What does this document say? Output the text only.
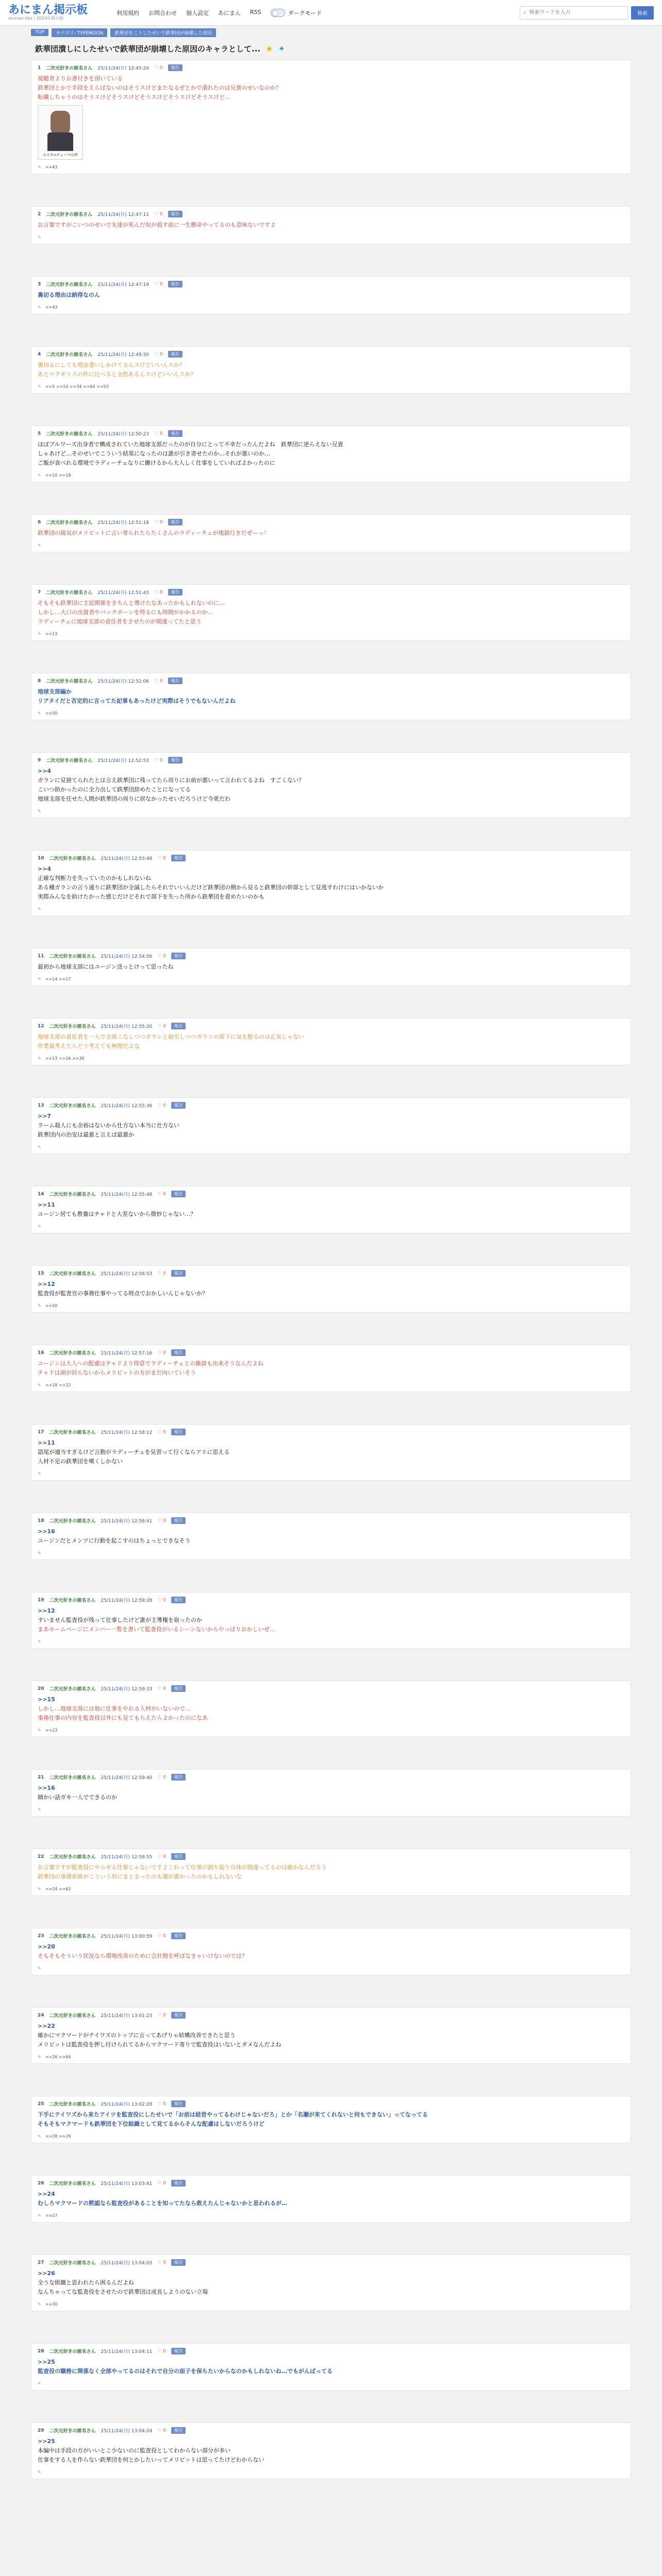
あにまん掲示板
animan bbs | 2024年掲示板
利用規約 お問合わせ 個人設定 あにまん RSS	ダークモード	⌕
検索ワードを入力	検索
TOP	カテゴリ: TYPEMOON	鉄華団をこうしたせいで鉄華団が崩壊した原因
鉄華団潰しにしたせいで鉄華団が崩壊した原因のキャラとして... ★ ✦
1 二次元好きの匿名さん 25/11/24(月) 12:45:24 ♡ 0	報告
視聴者よりお書付きを頂いている
鉄華団とかで手段をえらばないのはそうスけどまたなるぜとかで潰れたのは兄貴のせいなのか？
転職しちゃうのはそうスけどそうスけどそうスけどそうスけどそうスけど…
ラスタ=チェーマの件
✎ >>43
2 二次元好きの匿名さん 25/11/24(月) 12:47:11 ♡ 0	報告
お言葉ですがこいつのせいで友達が死んだ奴が殺す前に一生懸命やってるのも意味ないですよ
✎
3 二次元好きの匿名さん 25/11/24(月) 12:47:19 ♡ 0	報告
裏切る理由は納得なのん
✎ >>43
4 二次元好きの匿名さん 25/11/24(月) 12:49:30 ♡ 0	報告
裏切るにしても理由書いしかけてるんスけどいいんスか？
あとマクギリスの件に比べると全然あるんスけどいいんスか？
✎ >>5 >>10 >>34 >>64 >>53
5 二次元好きの匿名さん 25/11/24(月) 12:50:23 ♡ 0	報告
ほぼブルワーズ出身者で構成されていた地球支部だったのが自分にとって不幸だったんだよね　鉄華団に逆らえない兄貴
しゃあけど…そのせいでこういう結果になったのは誰が引き寄せたのか…それが悪いのか…
ご飯が食べれる環境でラディーチェなりに働けるから大人しく仕事をしていればよかったのに
✎ >>10 >>18
6 二次元好きの匿名さん 25/11/24(月) 12:51:18 ♡ 0	報告
鉄華団の陽気がメリビットに言い寄られたらたくさんのラディーチェが地獄行きだぜ—っ！
✎
7 二次元好きの匿名さん 25/11/24(月) 12:51:43 ♡ 0	報告
そもそも鉄華団に主従関係をきちんと導けたなあったかもしれないのに…
しかし…大口の出資者やバックボーンを得るにも時間がかかるのか…
ラディーチェに地球支部の責任者をさせたのが間違ってたと思う
✎ >>13
8 二次元好きの匿名さん 25/11/24(月) 12:52:06 ♡ 0	報告
地球支部編か
リアタイだと否定的に言ってた記事もあったけど実際はそうでもないんだよね
✎ >>50
9 二次元好きの匿名さん 25/11/24(月) 12:52:53 ♡ 0	報告
>>4
ガランに見捨てられたとは言え鉄華団に残ってたら周りにお前が悪いって言われてるよね　すごくない？
こいつ助かったのに全力出して鉄華団辞めたことになってる
地球支部を任せた人間が鉄華団の周りに居なかったせいだろうけど今更だわ
✎
10 二次元好きの匿名さん 25/11/24(月) 12:53:48 ♡ 0	報告
>>4
正確な判断力を失っていたのかもしれないね
ある種ガランの言う通りに鉄華団が全滅したらそれでいいんだけど鉄華団の側から見ると鉄華団の幹部として見逃すわけにはいかないか
実際みんなを助けたかった感じだけどそれで部下を失った所から鉄華団を責めたいのかも
✎
11 二次元好きの匿名さん 25/11/24(月) 12:54:56 ♡ 0	報告
最初から地球支部にはユージン送っとけって思ったね
✎ >>14 >>17
12 二次元好きの匿名さん 25/11/24(月) 12:55:20 ♡ 0	報告
地球支部の責任者を一人で全部こなしつつガランと取引しつつガランの部下に気を配るのは正気じゃない
作業量考えたらどう考えても無理だよな
✎ >>13 >>16 >>30
13 二次元好きの匿名さん 25/11/24(月) 12:55:36 ♡ 0	報告
>>7
ラーム殺人にも余裕はないから仕方ない本当に仕方ない
鉄華団内の治安は最悪と言えば最悪か
✎
14 二次元好きの匿名さん 25/11/24(月) 12:55:48 ♡ 0	報告
>>11
ユージン居ても教養はチャドと大差ないから微妙じゃない…？
✎
15 二次元好きの匿名さん 25/11/24(月) 12:56:53 ♡ 0	報告
>>12
監査役が監査官の事務仕事やってる時点でおかしいんじゃないか？
✎ >>20
16 二次元好きの匿名さん 25/11/24(月) 12:57:16 ♡ 0	報告
ユージンは大人への配慮はチャドより得意でラディーチェとの雑談も出来そうなんだよね
チャドは頭が回らないからメリビットの方がまだ向いていそう
✎ >>18 >>22
17 二次元好きの匿名さん 25/11/24(月) 12:58:12 ♡ 0	報告
>>11
語尾が適当すぎるけど言動がラディーチェを見習って行くならアリに思える
人材不足の鉄華団を嘆くしかない
✎
18 二次元好きの匿名さん 25/11/24(月) 12:58:41 ♡ 0	報告
>>16
ユージンだとメンツに行動を起こすのはちょっとできなそう
✎
19 二次元好きの匿名さん 25/11/24(月) 12:59:28 ♡ 0	報告
>>12
すいません監査役が残って仕事したけど誰が主導権を取ったのか
まあホームページにメンバー一覧を書いて監査役がいるシーンないからやっぱりおかしいぜ…
✎
20 二次元好きの匿名さん 25/11/24(月) 12:59:33 ♡ 0	報告
>>15
しかし…地球支部には他に仕事をやれる人材がいないので…
事務仕事の内容を監査役以外にも見てもらえたらよかったのになあ
✎ >>23
21 二次元好きの匿名さん 25/11/24(月) 12:59:40 ♡ 0	報告
>>16
細かい話ガキ一人でできるのか
✎
22 二次元好きの匿名さん 25/11/24(月) 12:59:55 ♡ 0	報告
お言葉ですが監査役にやらせる仕事じゃないですよこれって仕事の割り振り自体が間違ってるのは確かなんだろう
鉄華団の事務系統がこういう形にまとまったのも運が悪かったのかもしれないな
✎ >>24 >>62
23 二次元好きの匿名さん 25/11/24(月) 13:00:59 ♡ 0	報告
>>20
そもそもそういう状況なら環境改善のために会社側を呼ばなきゃいけないのでは？
✎
24 二次元好きの匿名さん 25/11/24(月) 13:01:23 ♡ 0	報告
>>22
確かにマクマードがテイワズのトップに言ってあげりゃ結構改善できたと思う
メリビットは監査役を押し付けられてるからマクマード寄りで監査役はいないとダメなんだよね
✎ >>26 >>64
25 二次元好きの匿名さん 25/11/24(月) 13:02:28 ♡ 0	報告
下手にテイワズから来たアイツを監査役にしたせいで「お前は経営やってるわけじゃないだろ」とか「名瀬が来てくれないと何もできない」ってなってる
そもそもマクマードも鉄華団を下位組織として見てるからそんな配慮はしないだろうけど
✎ >>28 >>29
26 二次元好きの匿名さん 25/11/24(月) 13:03:41 ♡ 0	報告
>>24
むしろマクマードの黙認なら監査役があることを知ってたなら救えたんじゃないかと思われるが…
✎ >>27
27 二次元好きの匿名さん 25/11/24(月) 13:04:03 ♡ 0	報告
>>26
全うな組織と思われたら困るんだよね
なんちゃってな監査役をさせたので鉄華団は成長しようのない立場
✎ >>30
28 二次元好きの匿名さん 25/11/24(月) 13:04:11 ♡ 0	報告
>>25
監査役の職務に関係なく全部やってるのはそれで自分の面子を保ちたいからなのかもしれないね…でもがんばってる
✎
29 二次元好きの匿名さん 25/11/24(月) 13:04:24 ♡ 0	報告
>>25
本編中は手段の方がいいとこ少ないのに監査役としてわからない部分が多い
仕事をする人を作らない鉄華団を何とかしたいってメリビットは思ってたけどわからない
✎
